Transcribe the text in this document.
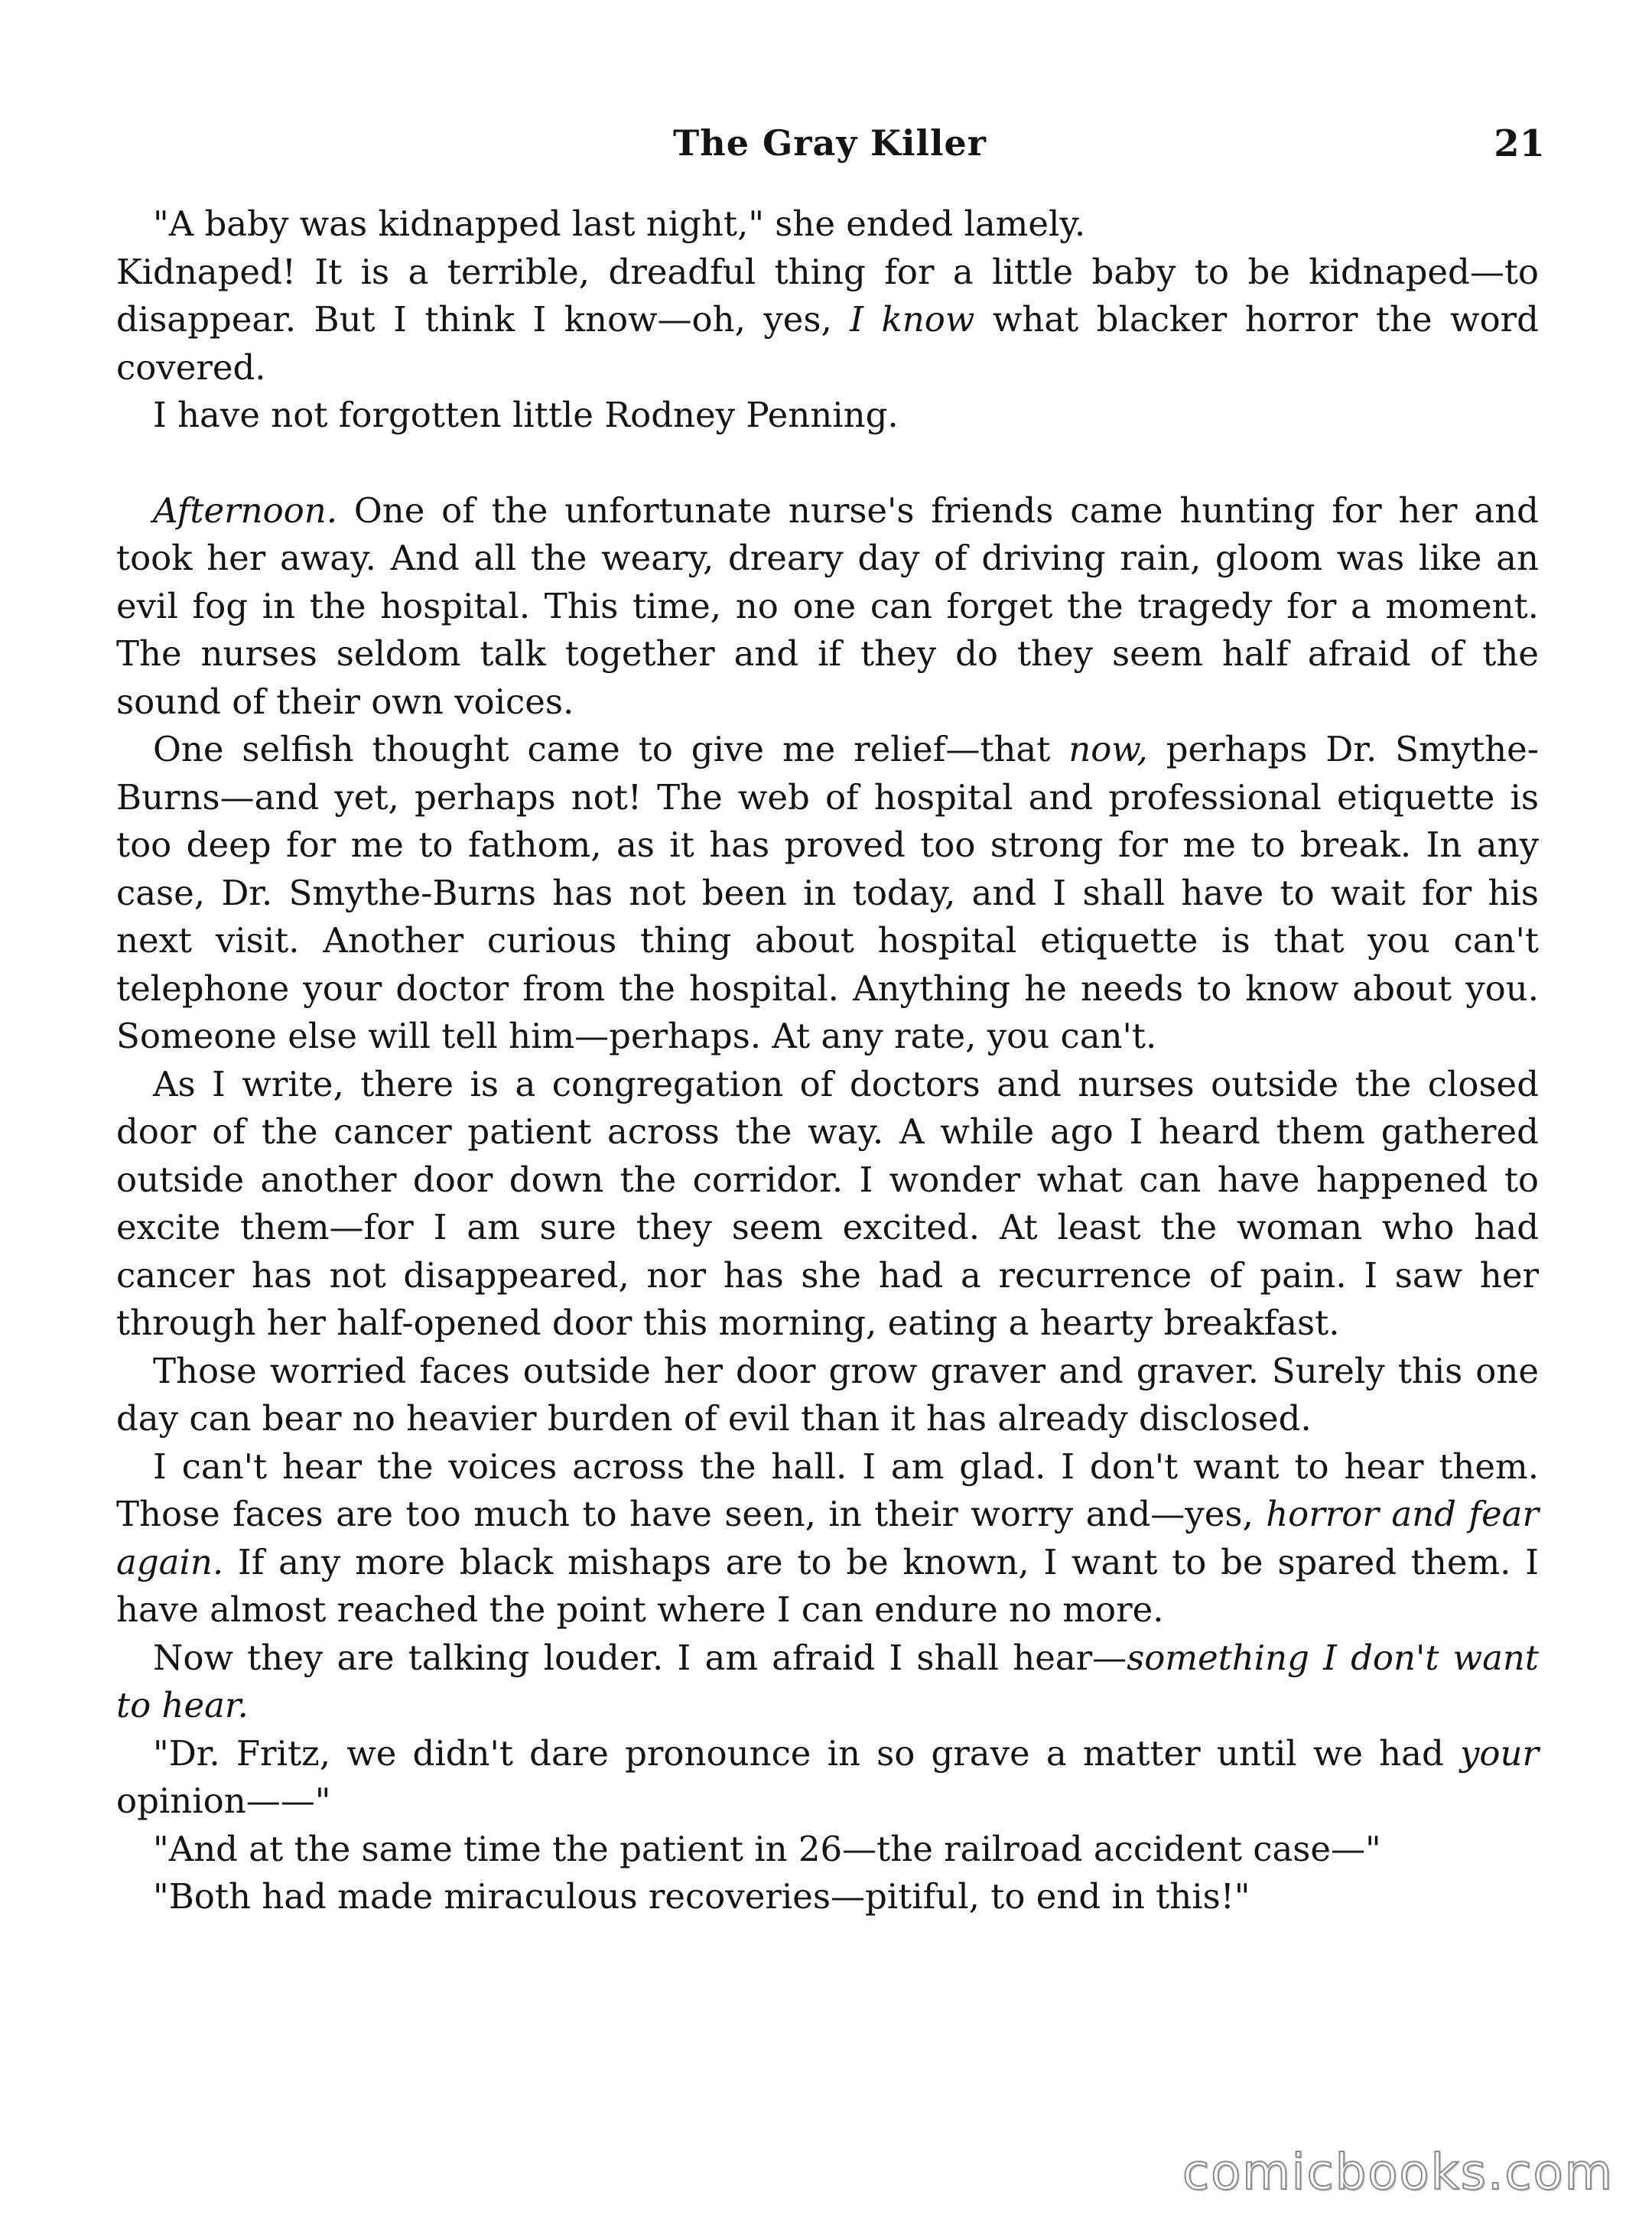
The Gray Killer	21

"A baby was kidnapped last night," she ended lamely.

Kidnaped! It is a terrible, dreadful thing for a little baby to be kidnaped—to disappear. But I think I know—oh, yes, I know what blacker horror the word covered.

I have not forgotten little Rodney Penning.

Afternoon. One of the unfortunate nurse's friends came hunting for her and took her away. And all the weary, dreary day of driving rain, gloom was like an evil fog in the hospital. This time, no one can forget the tragedy for a moment. The nurses seldom talk together and if they do they seem half afraid of the sound of their own voices.

One selfish thought came to give me relief—that now, perhaps Dr. Smythe-Burns—and yet, perhaps not! The web of hospital and professional etiquette is too deep for me to fathom, as it has proved too strong for me to break. In any case, Dr. Smythe-Burns has not been in today, and I shall have to wait for his next visit. Another curious thing about hospital etiquette is that you can't telephone your doctor from the hospital. Anything he needs to know about you. Someone else will tell him—perhaps. At any rate, you can't.

As I write, there is a congregation of doctors and nurses outside the closed door of the cancer patient across the way. A while ago I heard them gathered outside another door down the corridor. I wonder what can have happened to excite them—for I am sure they seem excited. At least the woman who had cancer has not disappeared, nor has she had a recurrence of pain. I saw her through her half-opened door this morning, eating a hearty breakfast.

Those worried faces outside her door grow graver and graver. Surely this one day can bear no heavier burden of evil than it has already disclosed.

I can't hear the voices across the hall. I am glad. I don't want to hear them. Those faces are too much to have seen, in their worry and—yes, horror and fear again. If any more black mishaps are to be known, I want to be spared them. I have almost reached the point where I can endure no more.

Now they are talking louder. I am afraid I shall hear—something I don't want to hear.

"Dr. Fritz, we didn't dare pronounce in so grave a matter until we had your opinion——"

"And at the same time the patient in 26—the railroad accident case—"

"Both had made miraculous recoveries—pitiful, to end in this!"

comicbooks.com
